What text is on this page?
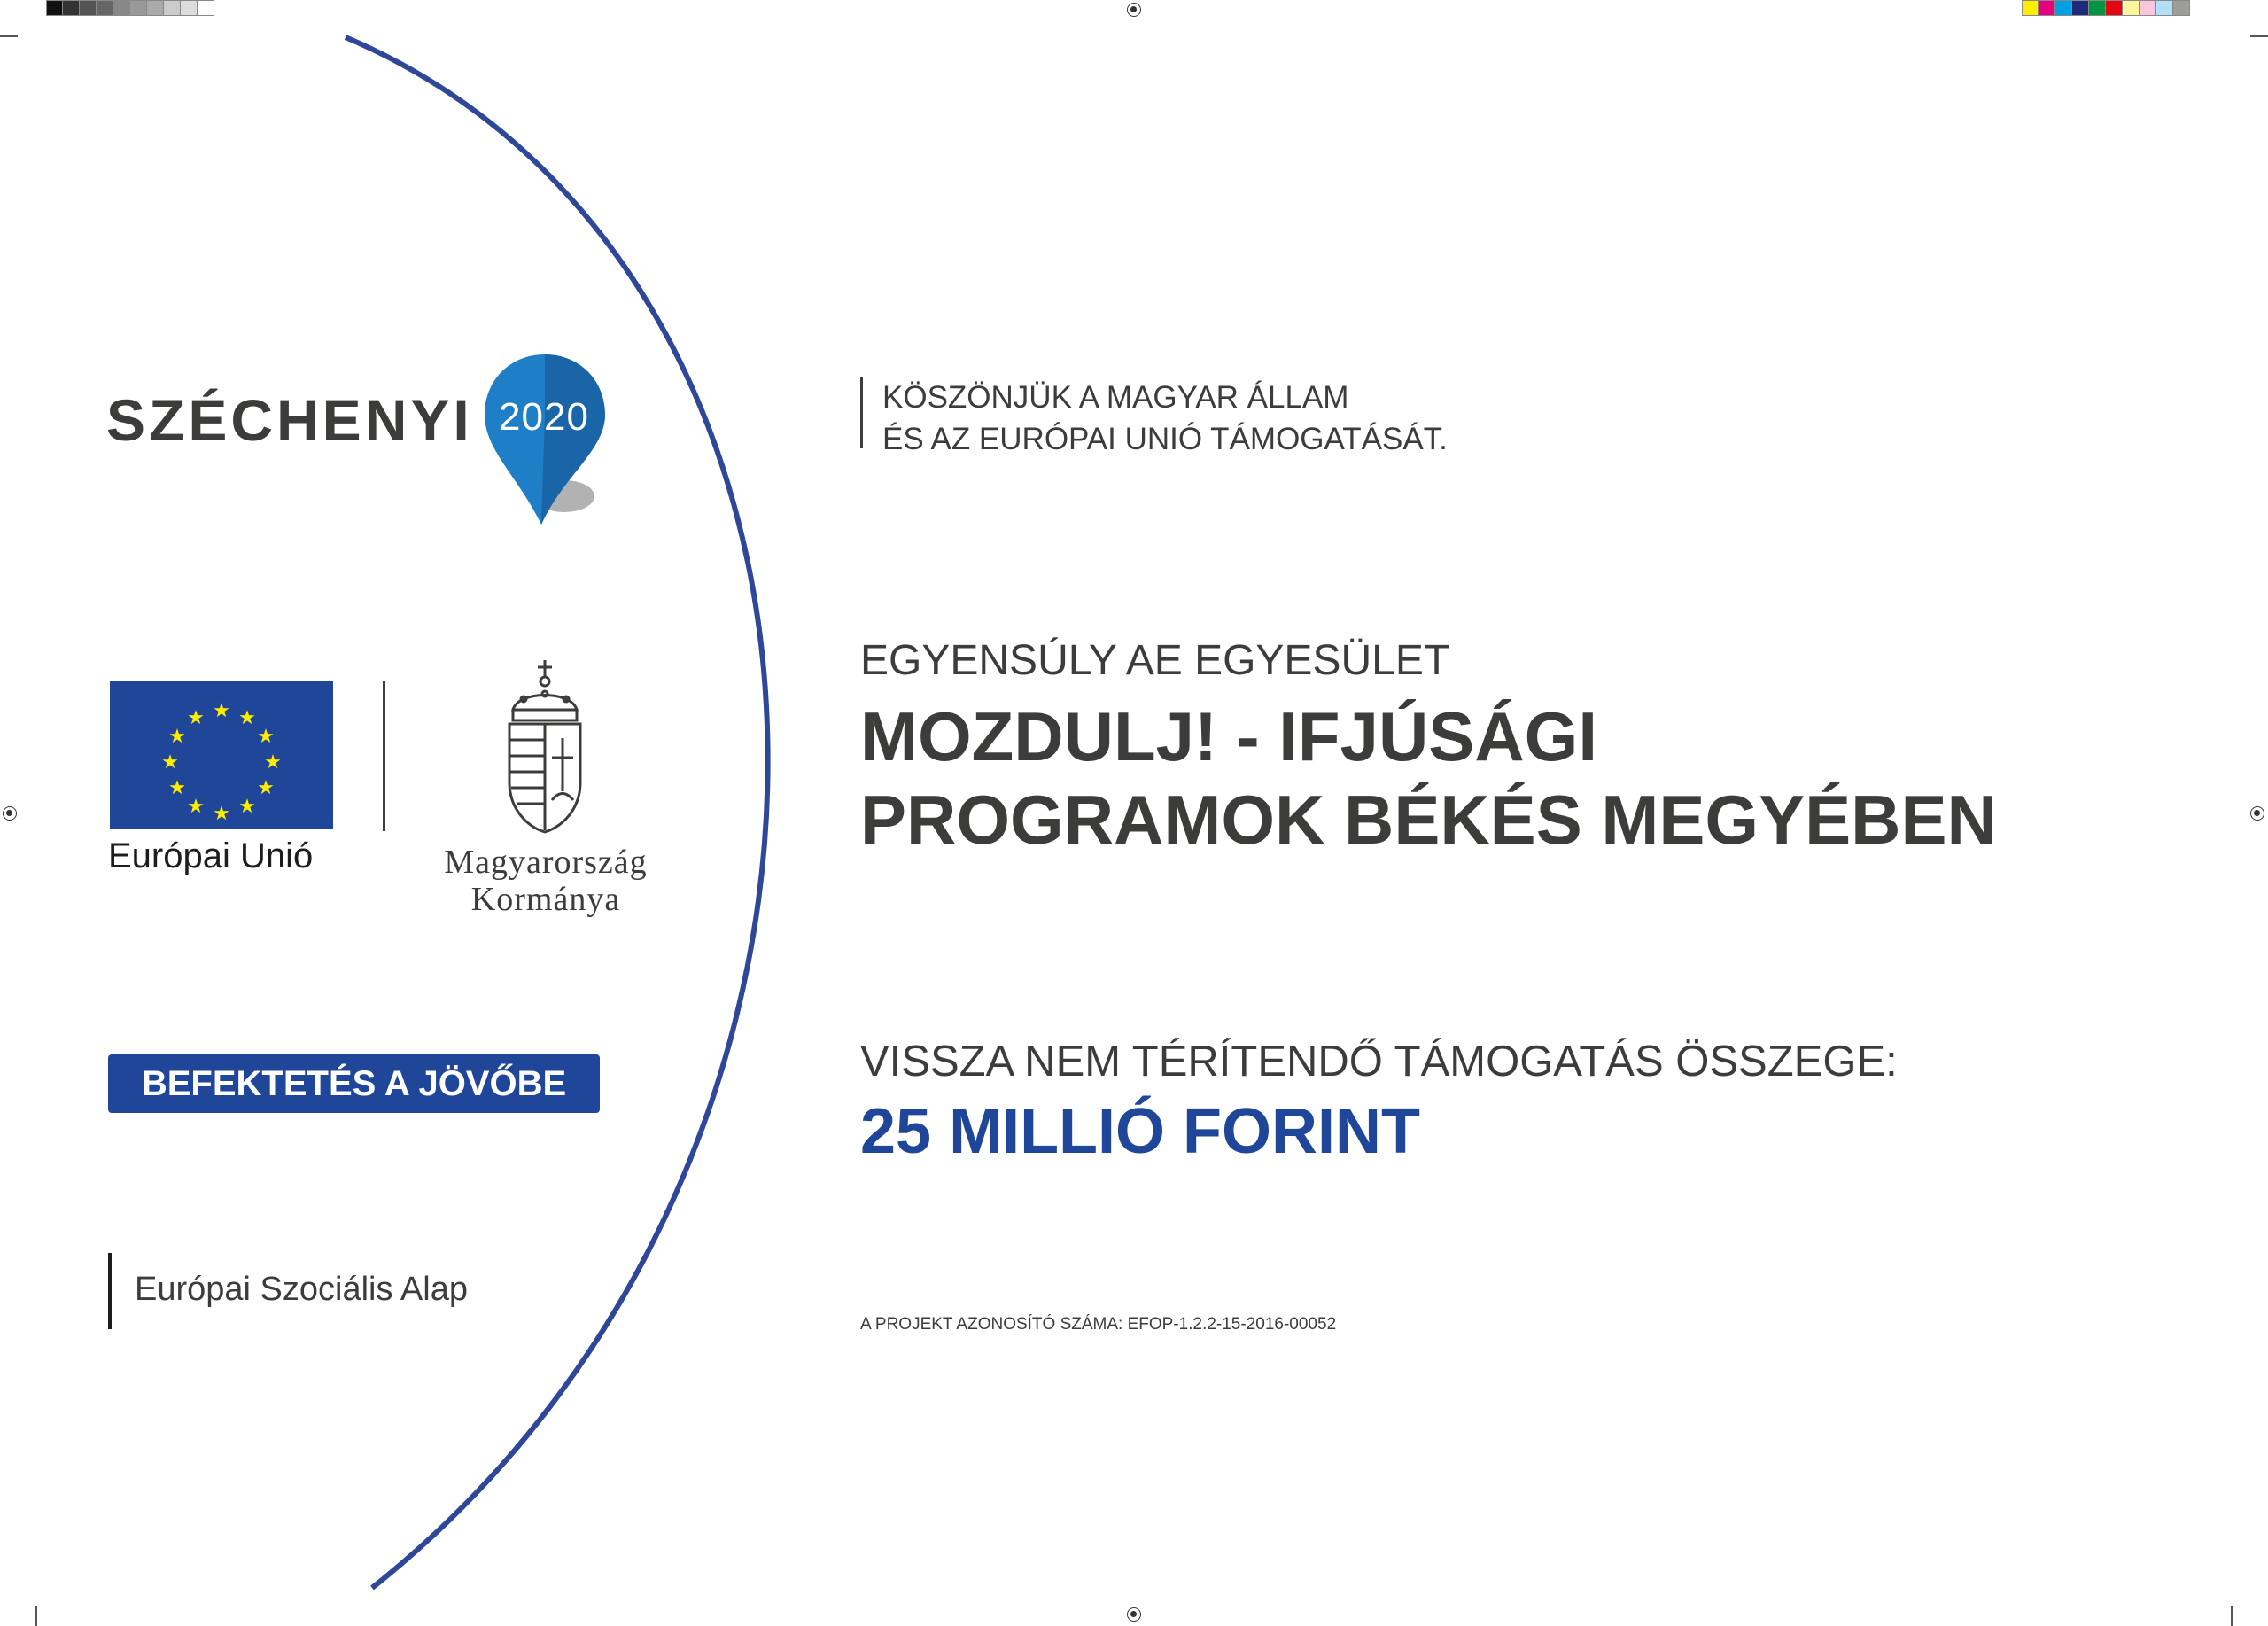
SZÉCHENYI 2020
★ ★
★
★
★
★
★
★
★
★
★
★
Európai Unió	Magyarország
Kormánya
BEFEKTETÉS A JÖVŐBE
Európai Szociális Alap
KÖSZÖNJÜK A MAGYAR ÁLLAM
ÉS AZ EURÓPAI UNIÓ TÁMOGATÁSÁT.
EGYENSÚLY AE EGYESÜLET
MOZDULJ! - IFJÚSÁGI
PROGRAMOK BÉKÉS MEGYÉBEN
VISSZA NEM TÉRÍTENDŐ TÁMOGATÁS ÖSSZEGE:
25 MILLIÓ FORINT
A PROJEKT AZONOSÍTÓ SZÁMA: EFOP-1.2.2-15-2016-00052
